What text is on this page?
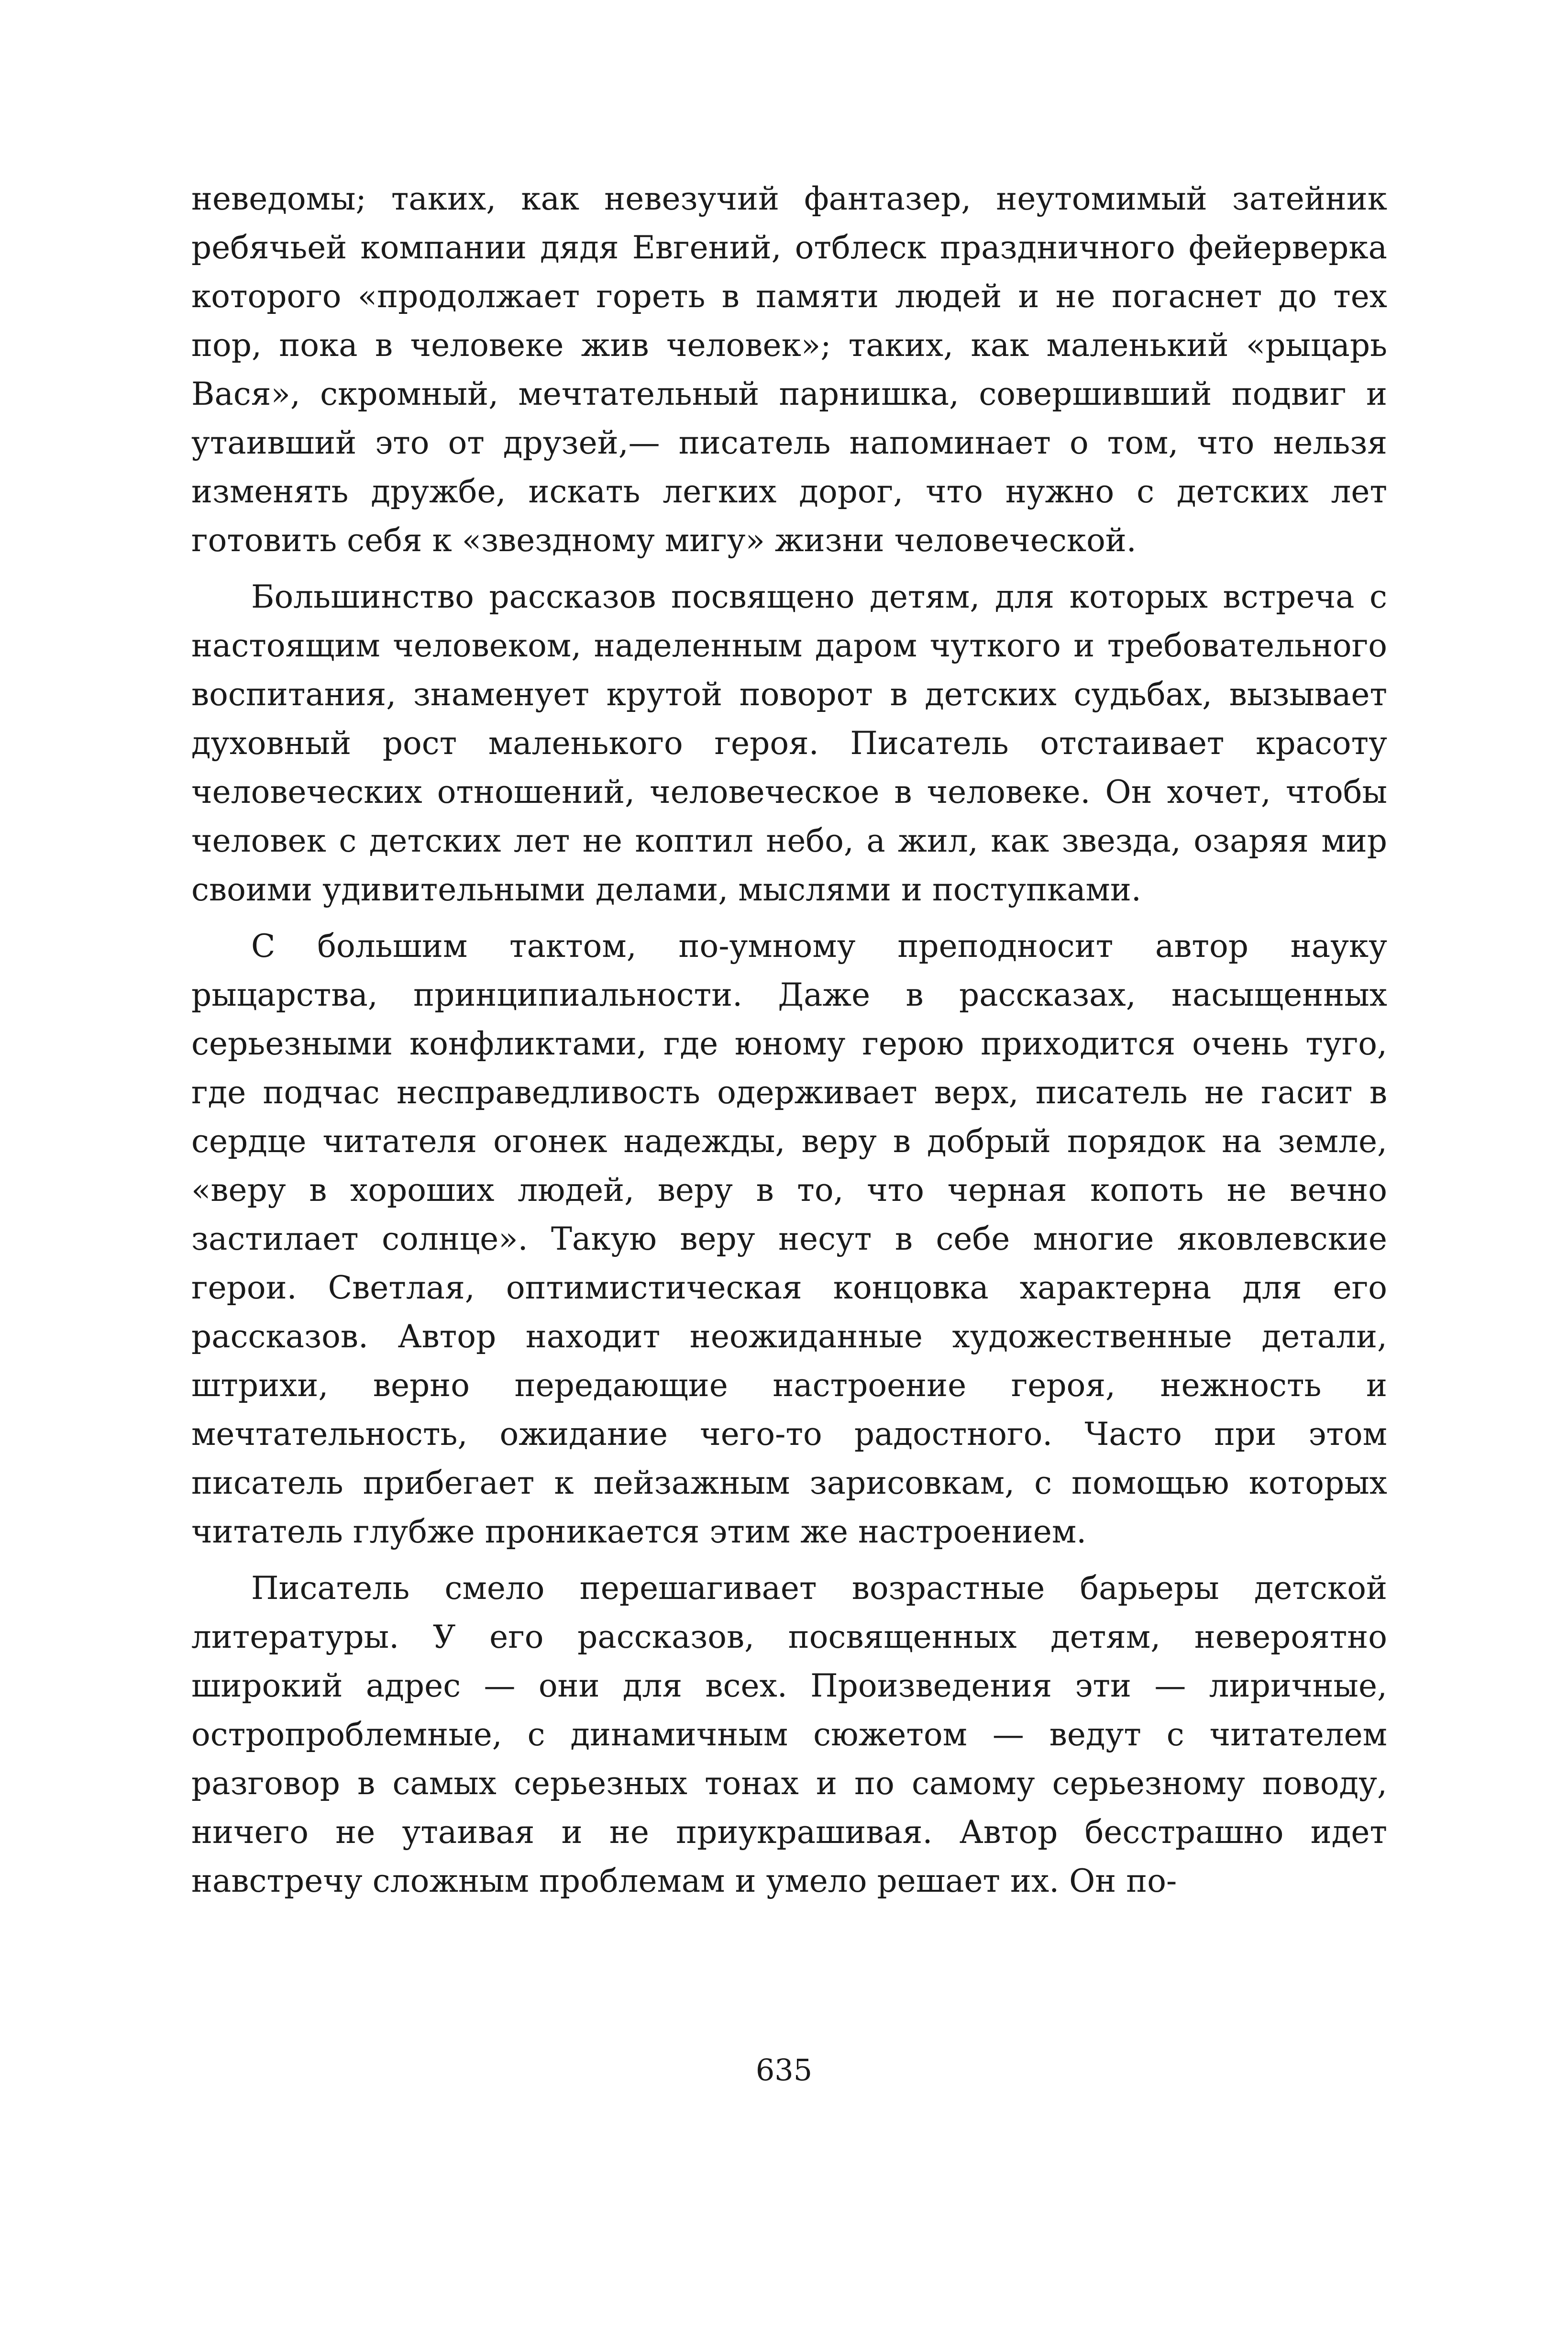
неведомы; таких, как невезучий фантазер, неутомимый затейник ребячьей компании дядя Евгений, отблеск праздничного фейерверка которого «продолжает гореть в памяти людей и не погаснет до тех пор, пока в человеке жив человек»; таких, как маленький «рыцарь Вася», скромный, мечтательный парнишка, совершивший подвиг и утаивший это от друзей,— писатель напоминает о том, что нельзя изменять дружбе, искать легких дорог, что нужно с детских лет готовить себя к «звездному мигу» жизни человеческой.

Большинство рассказов посвящено детям, для которых встреча с настоящим человеком, наделенным даром чуткого и требовательного воспитания, знаменует крутой поворот в детских судьбах, вызывает духовный рост маленького героя. Писатель отстаивает красоту человеческих отношений, человеческое в человеке. Он хочет, чтобы человек с детских лет не коптил небо, а жил, как звезда, озаряя мир своими удивительными делами, мыслями и поступками.

С большим тактом, по-умному преподносит автор науку рыцарства, принципиальности. Даже в рассказах, насыщенных серьезными конфликтами, где юному герою приходится очень туго, где подчас несправедливость одерживает верх, писатель не гасит в сердце читателя огонек надежды, веру в добрый порядок на земле, «веру в хороших людей, веру в то, что черная копоть не вечно застилает солнце». Такую веру несут в себе многие яковлевские герои. Светлая, оптимистическая концовка характерна для его рассказов. Автор находит неожиданные художественные детали, штрихи, верно передающие настроение героя, нежность и мечтательность, ожидание чего-то радостного. Часто при этом писатель прибегает к пейзажным зарисовкам, с помощью которых читатель глубже проникается этим же настроением.

Писатель смело перешагивает возрастные барьеры детской литературы. У его рассказов, посвященных детям, невероятно широкий адрес — они для всех. Произведения эти — лиричные, остропроблемные, с динамичным сюжетом — ведут с читателем разговор в самых серьезных тонах и по самому серьезному поводу, ничего не утаивая и не приукрашивая. Автор бесстрашно идет навстречу сложным проблемам и умело решает их. Он по-

635
